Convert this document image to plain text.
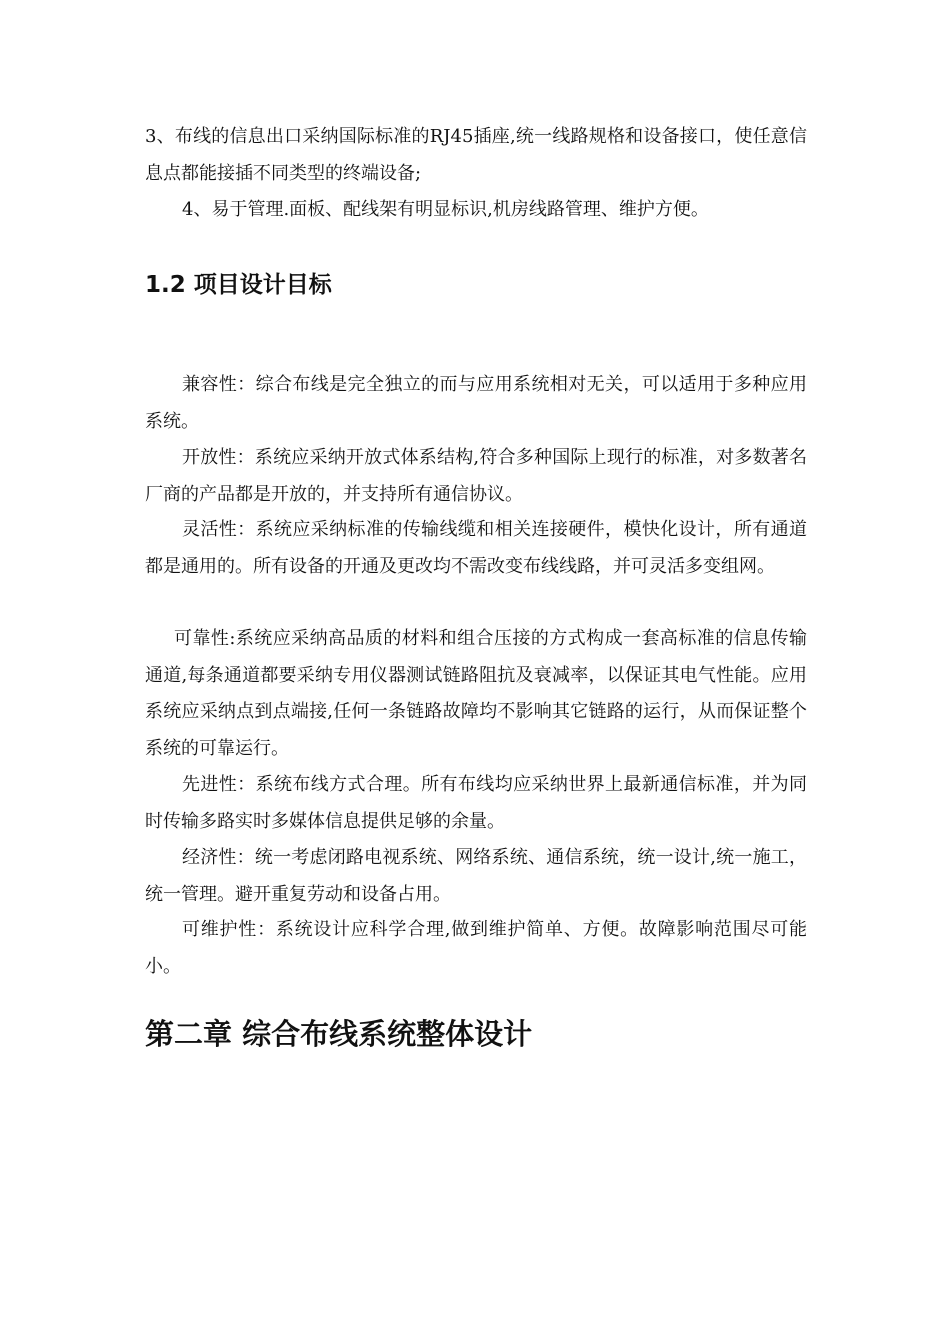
3、布线的信息出口采纳国际标准的RJ45插座,统一线路规格和设备接口，使任意信息点都能接插不同类型的终端设备;

4、易于管理.面板、配线架有明显标识,机房线路管理、维护方便。

1.2 项目设计目标

兼容性：综合布线是完全独立的而与应用系统相对无关，可以适用于多种应用系统。

开放性：系统应采纳开放式体系结构,符合多种国际上现行的标准，对多数著名厂商的产品都是开放的，并支持所有通信协议。

灵活性：系统应采纳标准的传输线缆和相关连接硬件，模快化设计，所有通道都是通用的。所有设备的开通及更改均不需改变布线线路，并可灵活多变组网。

可靠性:系统应采纳高品质的材料和组合压接的方式构成一套高标准的信息传输通道,每条通道都要采纳专用仪器测试链路阻抗及衰减率，以保证其电气性能。应用系统应采纳点到点端接,任何一条链路故障均不影响其它链路的运行，从而保证整个系统的可靠运行。

先进性：系统布线方式合理。所有布线均应采纳世界上最新通信标准，并为同时传输多路实时多媒体信息提供足够的余量。

经济性：统一考虑闭路电视系统、网络系统、通信系统，统一设计,统一施工，统一管理。避开重复劳动和设备占用。

可维护性：系统设计应科学合理,做到维护简单、方便。故障影响范围尽可能小。

第二章 综合布线系统整体设计
